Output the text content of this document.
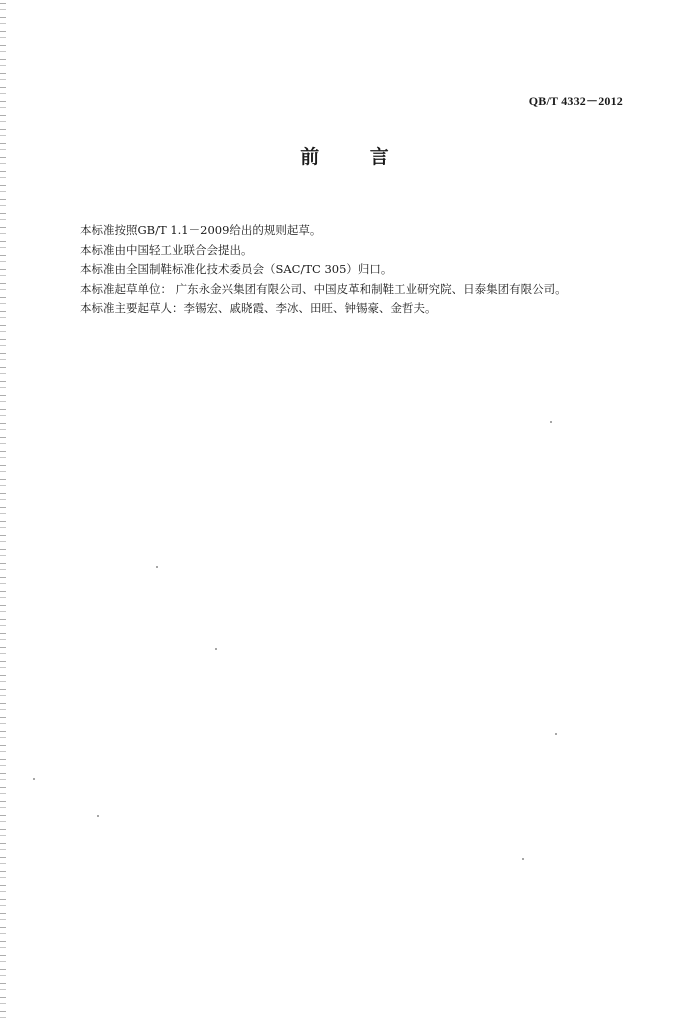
QB/T 4332－2012
前 言
本标准按照GB/T 1.1－2009给出的规则起草。
本标准由中国轻工业联合会提出。
本标准由全国制鞋标准化技术委员会（SAC/TC 305）归口。
本标准起草单位： 广东永金兴集团有限公司、中国皮革和制鞋工业研究院、日泰集团有限公司。
本标准主要起草人：李锡宏、戚晓霞、李冰、田旺、钟锡豪、金哲夫。
